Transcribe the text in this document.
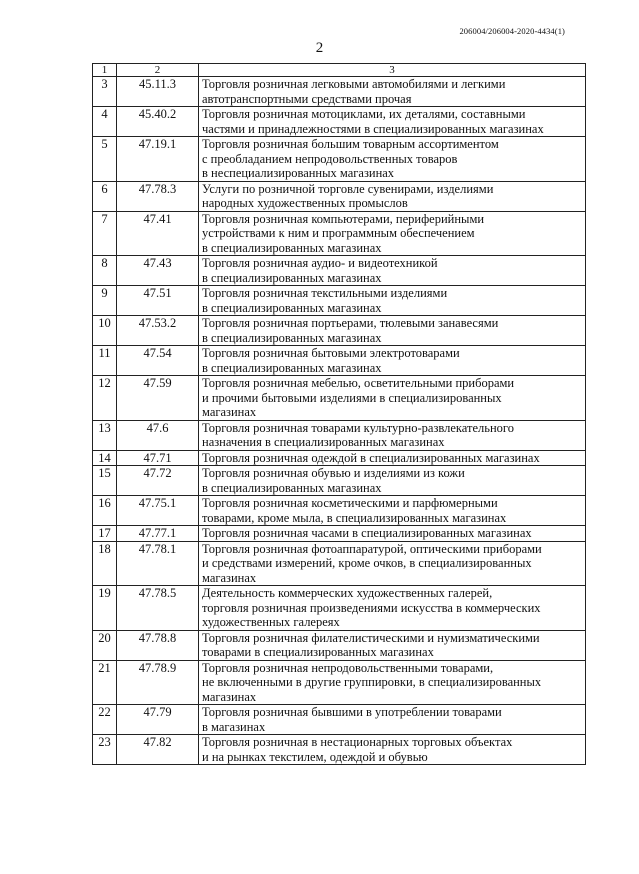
206004/206004-2020-4434(1)
2
1	2	3
3	45.11.3	Торговля розничная легковыми автомобилями и легкими
автотранспортными средствами прочая
4	45.40.2	Торговля розничная мотоциклами, их деталями, составными
частями и принадлежностями в специализированных магазинах
5	47.19.1	Торговля розничная большим товарным ассортиментом
с преобладанием непродовольственных товаров
в неспециализированных магазинах
6	47.78.3	Услуги по розничной торговле сувенирами, изделиями
народных художественных промыслов
7	47.41	Торговля розничная компьютерами, периферийными
устройствами к ним и программным обеспечением
в специализированных магазинах
8	47.43	Торговля розничная аудио- и видеотехникой
в специализированных магазинах
9	47.51	Торговля розничная текстильными изделиями
в специализированных магазинах
10	47.53.2	Торговля розничная портьерами, тюлевыми занавесями
в специализированных магазинах
11	47.54	Торговля розничная бытовыми электротоварами
в специализированных магазинах
12	47.59	Торговля розничная мебелью, осветительными приборами
и прочими бытовыми изделиями в специализированных
магазинах
13	47.6	Торговля розничная товарами культурно-развлекательного
назначения в специализированных магазинах
14	47.71	Торговля розничная одеждой в специализированных магазинах
15	47.72	Торговля розничная обувью и изделиями из кожи
в специализированных магазинах
16	47.75.1	Торговля розничная косметическими и парфюмерными
товарами, кроме мыла, в специализированных магазинах
17	47.77.1	Торговля розничная часами в специализированных магазинах
18	47.78.1	Торговля розничная фотоаппаратурой, оптическими приборами
и средствами измерений, кроме очков, в специализированных
магазинах
19	47.78.5	Деятельность коммерческих художественных галерей,
торговля розничная произведениями искусства в коммерческих
художественных галереях
20	47.78.8	Торговля розничная филателистическими и нумизматическими
товарами в специализированных магазинах
21	47.78.9	Торговля розничная непродовольственными товарами,
не включенными в другие группировки, в специализированных
магазинах
22	47.79	Торговля розничная бывшими в употреблении товарами
в магазинах
23	47.82	Торговля розничная в нестационарных торговых объектах
и на рынках текстилем, одеждой и обувью
